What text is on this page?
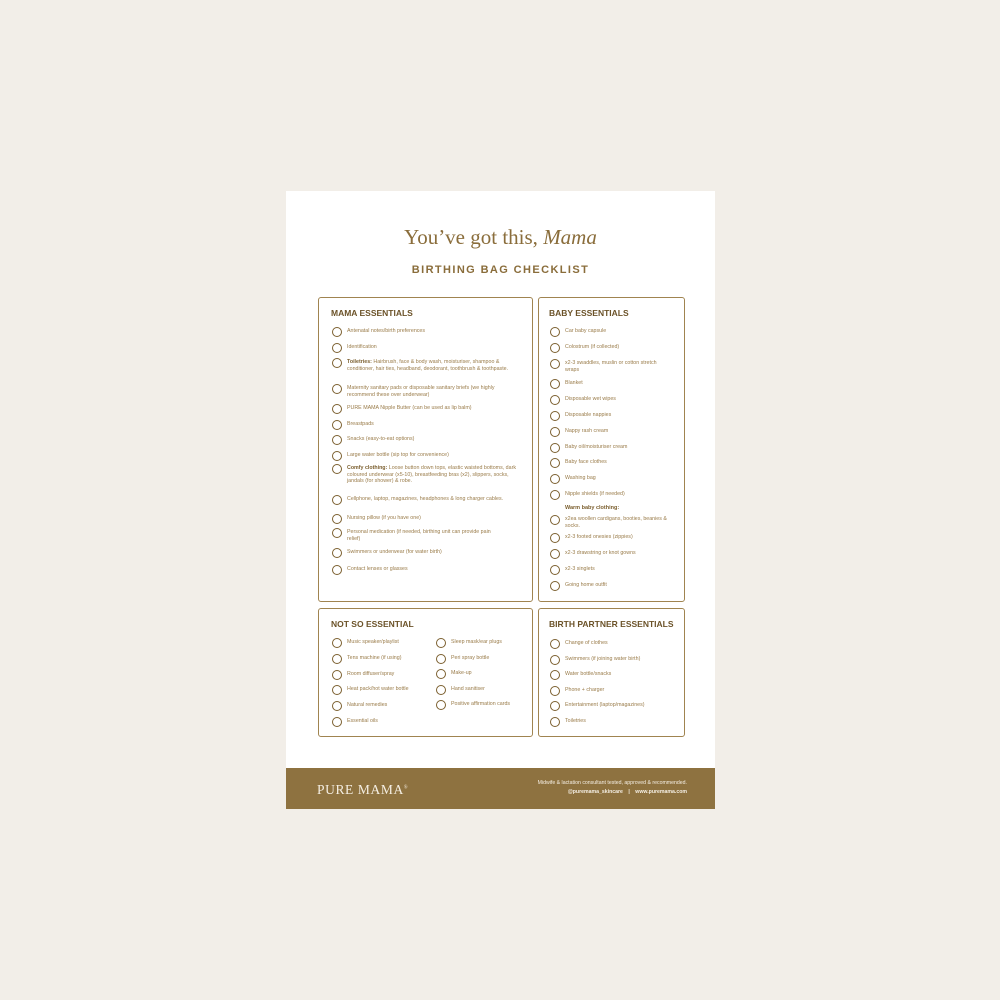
You’ve got this, Mama
BIRTHING BAG CHECKLIST
MAMA ESSENTIALS
Antenatal notes/birth preferences
Identification
Toiletries: Hairbrush, face & body wash, moisturiser, shampoo & conditioner, hair ties, headband, deodorant, toothbrush & toothpaste.
Maternity sanitary pads or disposable sanitary briefs (we highly recommend these over underwear)
PURE MAMA Nipple Butter (can be used as lip balm)
Breastpads
Snacks (easy-to-eat options)
Large water bottle (sip top for convenience)
Comfy clothing: Loose button down tops, elastic waisted bottoms, dark coloured underwear (x5-10), breastfeeding bras (x2), slippers, socks, jandals (for shower) & robe.
Cellphone, laptop, magazines, headphones & long charger cables.
Nursing pillow (if you have one)
Personal medication (if needed, birthing unit can provide pain relief)
Swimmers or underwear (for water birth)
Contact lenses or glasses
BABY ESSENTIALS
Car baby capsule
Colostrum (if collected)
x2-3 swaddles, muslin or cotton stretch wraps
Blanket
Disposable wet wipes
Disposable nappies
Nappy rash cream
Baby oil/moisturiser cream
Baby face clothes
Washing bag
Nipple shields (if needed)
Warm baby clothing:
x2ea woollen cardigans, booties, beanies & socks.
x2-3 footed onesies (zippies)
x2-3 drawstring or knot gowns
x2-3 singlets
Going home outfit
NOT SO ESSENTIAL
Music speaker/playlist
Tens machine (if using)
Room diffuser/spray
Heat pack/hot water bottle
Natural remedies
Essential oils
Sleep mask/ear plugs
Peri spray bottle
Make-up
Hand sanitiser
Positive affirmation cards
BIRTH PARTNER ESSENTIALS
Change of clothes
Swimmers (if joining water birth)
Water bottle/snacks
Phone + charger
Entertainment (laptop/magazines)
Toiletries
PURE MAMA®
Midwife & lactation consultant tested, approved & recommended.
@puremama_skincare | www.puremama.com
